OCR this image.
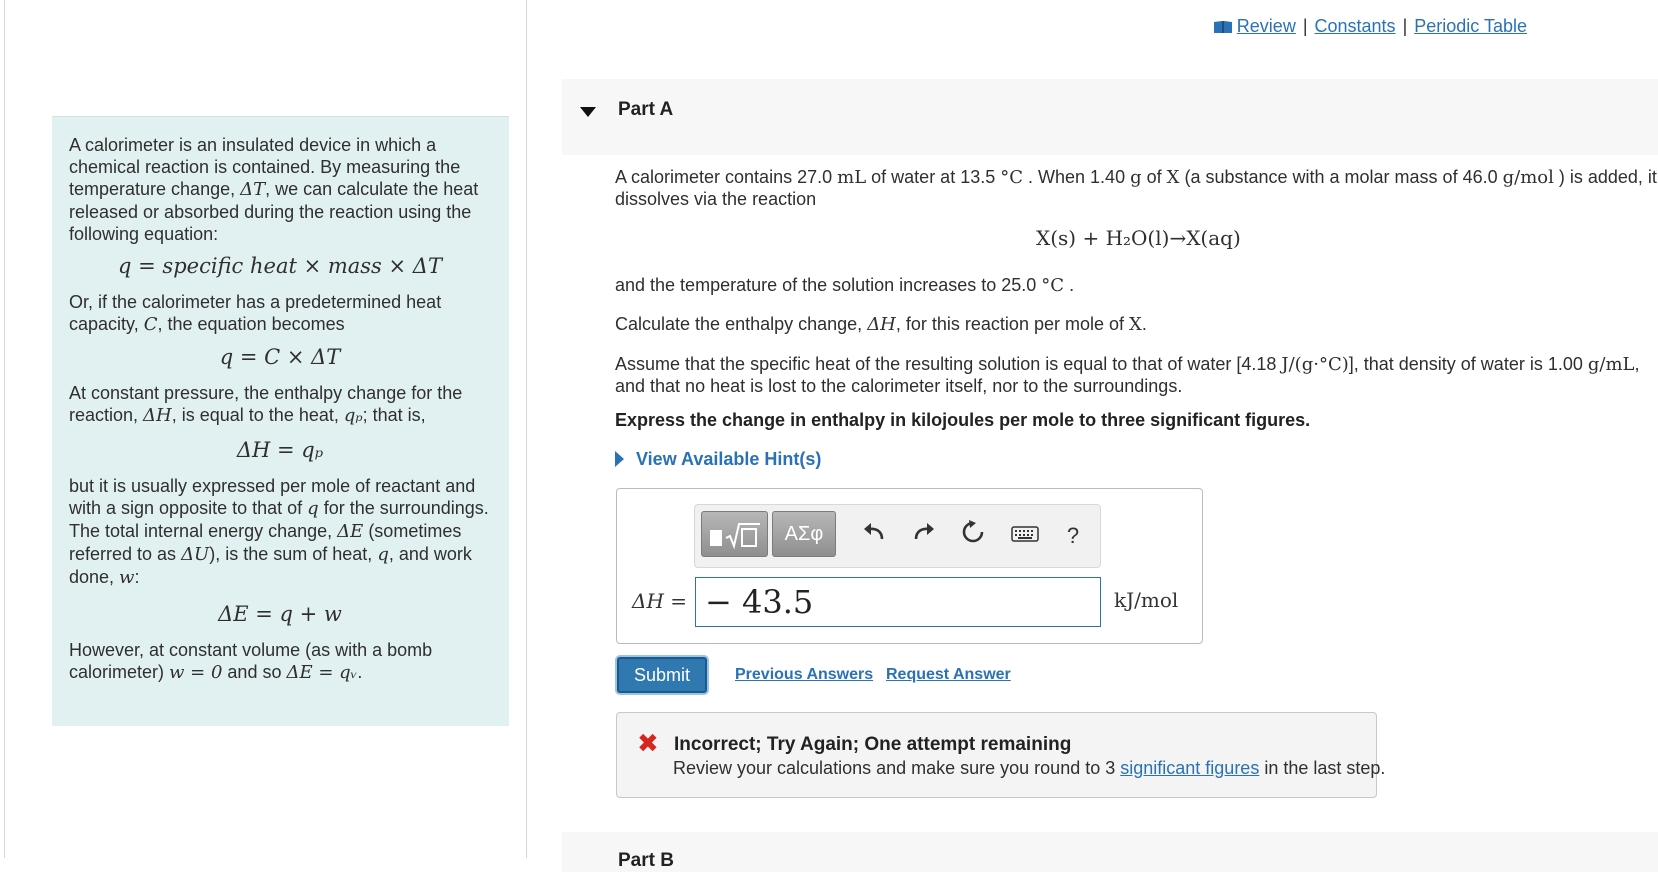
A calorimeter is an insulated device in which a chemical reaction is contained. By measuring the temperature change, ΔT, we can calculate the heat released or absorbed during the reaction using the following equation:

q = specific heat × mass × ΔT

Or, if the calorimeter has a predetermined heat capacity, C, the equation becomes

q = C × ΔT

At constant pressure, the enthalpy change for the reaction, ΔH, is equal to the heat, qₚ; that is,

ΔH = qₚ

but it is usually expressed per mole of reactant and with a sign opposite to that of q for the surroundings. The total internal energy change, ΔE (sometimes referred to as ΔU), is the sum of heat, q, and work done, w:

ΔE = q + w

However, at constant volume (as with a bomb calorimeter) w = 0 and so ΔE = qᵥ.

Review | Constants | Periodic Table
Part A
A calorimeter contains 27.0 mL of water at 13.5 °C . When 1.40 g of X (a substance with a molar mass of 46.0 g/mol ) is added, it
dissolves via the reaction
X(s) + H₂O(l)→X(aq)
and the temperature of the solution increases to 25.0 °C .
Calculate the enthalpy change, ΔH, for this reaction per mole of X.
Assume that the specific heat of the resulting solution is equal to that of water [4.18 J/(g·°C)], that density of water is 1.00 g/mL,
and that no heat is lost to the calorimeter itself, nor to the surroundings.
Express the change in enthalpy in kilojoules per mole to three significant figures.
View Available Hint(s)
ΑΣφ	?
ΔH = − 43.5	kJ/mol
Submit	Previous Answers Request Answer
✖ Incorrect; Try Again; One attempt remaining
Review your calculations and make sure you round to 3 significant figures in the last step.
Part B
